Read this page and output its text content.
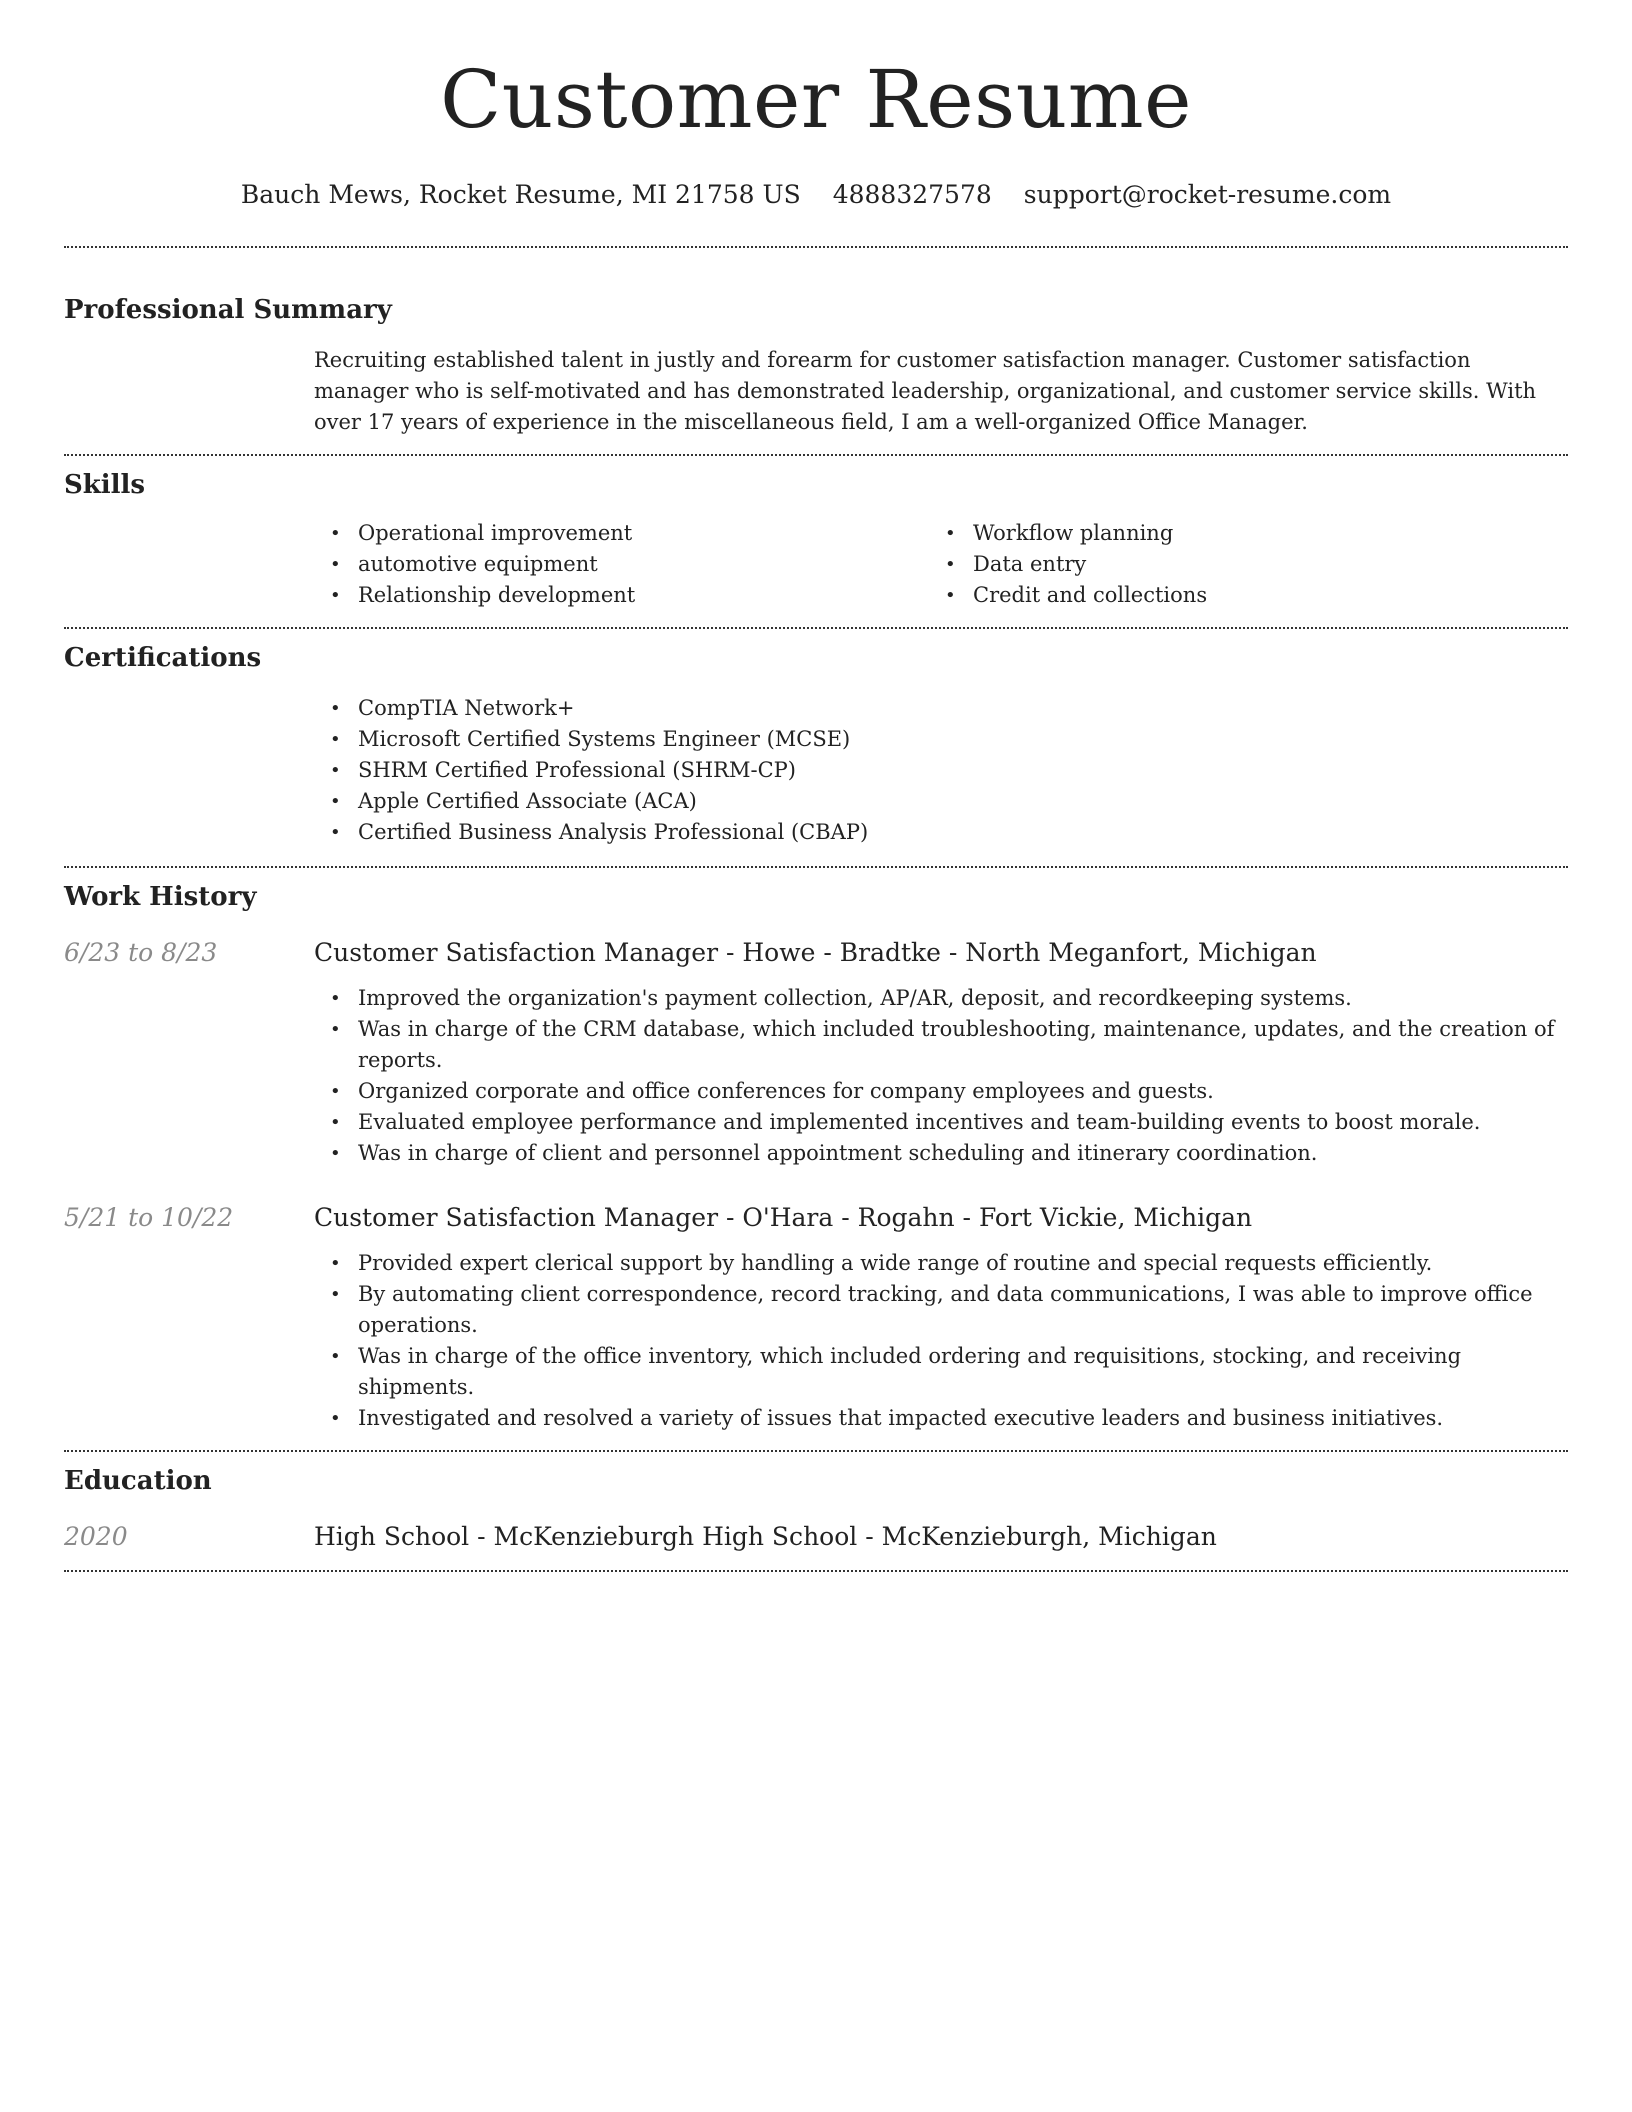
Customer Resume
Bauch Mews, Rocket Resume, MI 21758 US 4888327578 support@rocket-resume.com
Professional Summary

Recruiting established talent in justly and forearm for customer satisfaction manager. Customer satisfaction manager who is self-motivated and has demonstrated leadership, organizational, and customer service skills. With over 17 years of experience in the miscellaneous field, I am a well-organized Office Manager.

Skills
• Operational improvement
• automotive equipment
• Relationship development
• Workflow planning
• Data entry
• Credit and collections
Certifications
• CompTIA Network+
• Microsoft Certified Systems Engineer (MCSE)
• SHRM Certified Professional (SHRM-CP)
• Apple Certified Associate (ACA)
• Certified Business Analysis Professional (CBAP)
Work History
6/23 to 8/23	Customer Satisfaction Manager - Howe - Bradtke - North Meganfort, Michigan
• Improved the organization's payment collection, AP/AR, deposit, and recordkeeping systems.
• Was in charge of the CRM database, which included troubleshooting, maintenance, updates, and the creation of reports.
• Organized corporate and office conferences for company employees and guests.
• Evaluated employee performance and implemented incentives and team-building events to boost morale.
• Was in charge of client and personnel appointment scheduling and itinerary coordination.
5/21 to 10/22	Customer Satisfaction Manager - O'Hara - Rogahn - Fort Vickie, Michigan
• Provided expert clerical support by handling a wide range of routine and special requests efficiently.
• By automating client correspondence, record tracking, and data communications, I was able to improve office operations.
• Was in charge of the office inventory, which included ordering and requisitions, stocking, and receiving shipments.
• Investigated and resolved a variety of issues that impacted executive leaders and business initiatives.
Education
2020	High School - McKenzieburgh High School - McKenzieburgh, Michigan
